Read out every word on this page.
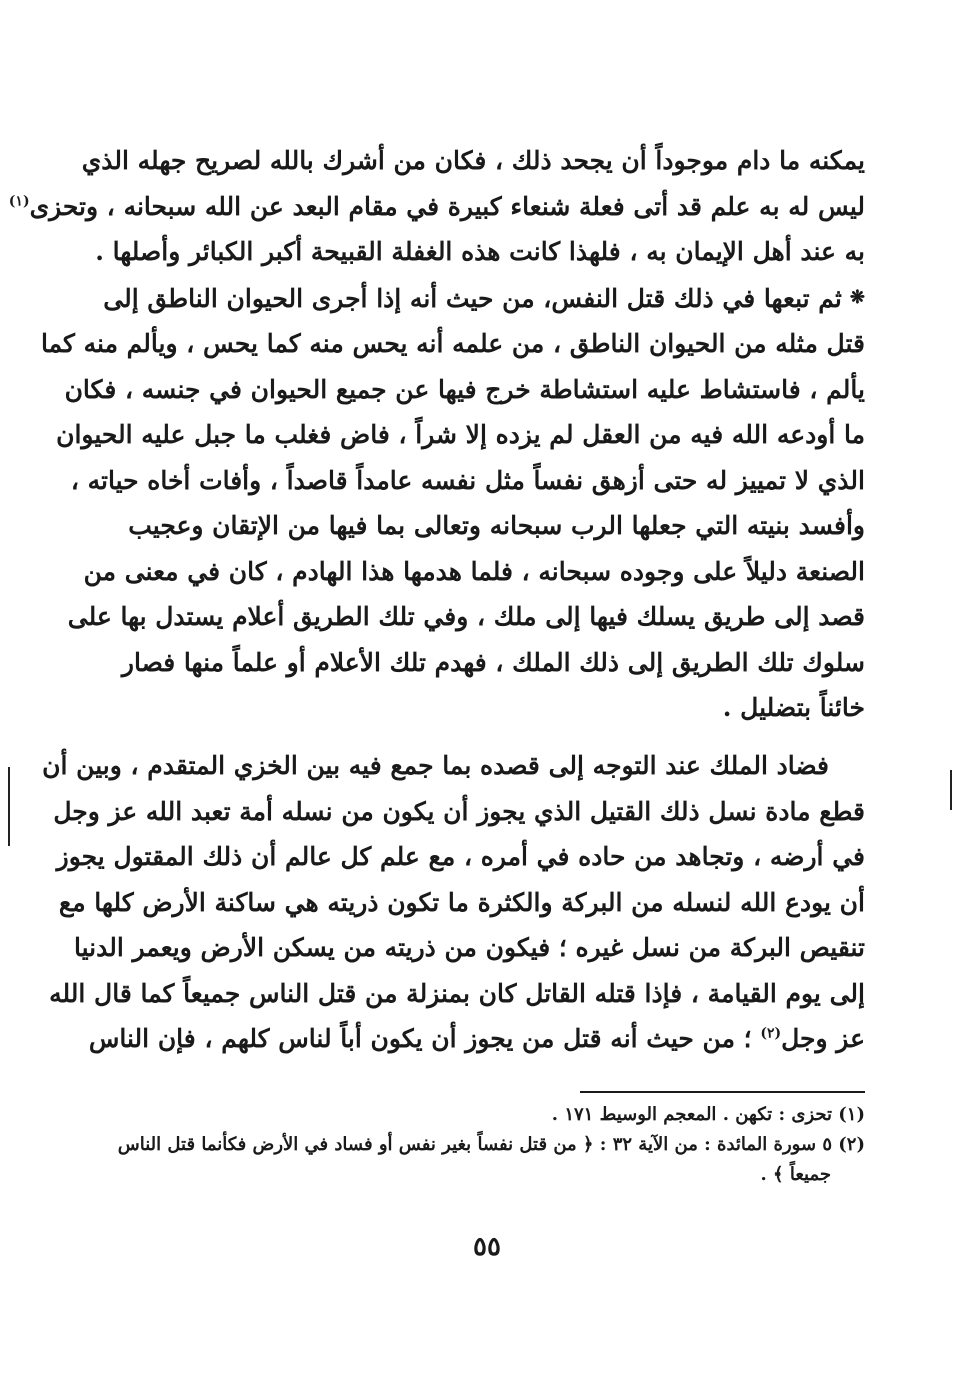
يمكنه ما دام موجوداً أن يجحد ذلك ، فكان من أشرك بالله لصريح جهله الذي
ليس له به علم قد أتى فعلة شنعاء كبيرة في مقام البعد عن الله سبحانه ، وتحزى$^{(١)}$
به عند أهل الإيمان به ، فلهذا كانت هذه الغفلة القبيحة أكبر الكبائر وأصلها .
❋ثم تبعها في ذلك قتل النفس، من حيث أنه إذا أجرى الحيوان الناطق إلى
قتل مثله من الحيوان الناطق ، من علمه أنه يحس منه كما يحس ، ويألم منه كما
يألم ، فاستشاط عليه استشاطة خرج فيها عن جميع الحيوان في جنسه ، فكان
ما أودعه الله فيه من العقل لم يزده إلا شراً ، فاض فغلب ما جبل عليه الحيوان
الذي لا تمييز له حتى أزهق نفساً مثل نفسه عامداً قاصداً ، وأفات أخاه حياته ،
وأفسد بنيته التي جعلها الرب سبحانه وتعالى بما فيها من الإتقان وعجيب
الصنعة دليلاً على وجوده سبحانه ، فلما هدمها هذا الهادم ، كان في معنى من
قصد إلى طريق يسلك فيها إلى ملك ، وفي تلك الطريق أعلام يستدل بها على
سلوك تلك الطريق إلى ذلك الملك ، فهدم تلك الأعلام أو علماً منها فصار
خائناً بتضليل .
فضاد الملك عند التوجه إلى قصده بما جمع فيه بين الخزي المتقدم ، وبين أن
قطع مادة نسل ذلك القتيل الذي يجوز أن يكون من نسله أمة تعبد الله عز وجل
في أرضه ، وتجاهد من حاده في أمره ، مع علم كل عالم أن ذلك المقتول يجوز
أن يودع الله لنسله من البركة والكثرة ما تكون ذريته هي ساكنة الأرض كلها مع
تنقيص البركة من نسل غيره ؛ فيكون من ذريته من يسكن الأرض ويعمر الدنيا
إلى يوم القيامة ، فإذا قتله القاتل كان بمنزلة من قتل الناس جميعاً كما قال الله
عز وجل$^{(٢)}$ ؛ من حيث أنه قتل من يجوز أن يكون أباً لناس كلهم ، فإن الناس
(١) تحزى : تكهن . المعجم الوسيط ١٧١ .
(٢) ٥ سورة المائدة : من الآية ٣٢ : ﴿ من قتل نفساً بغير نفس أو فساد في الأرض فكأنما قتل الناس
جميعاً ﴾ .
٥٥
